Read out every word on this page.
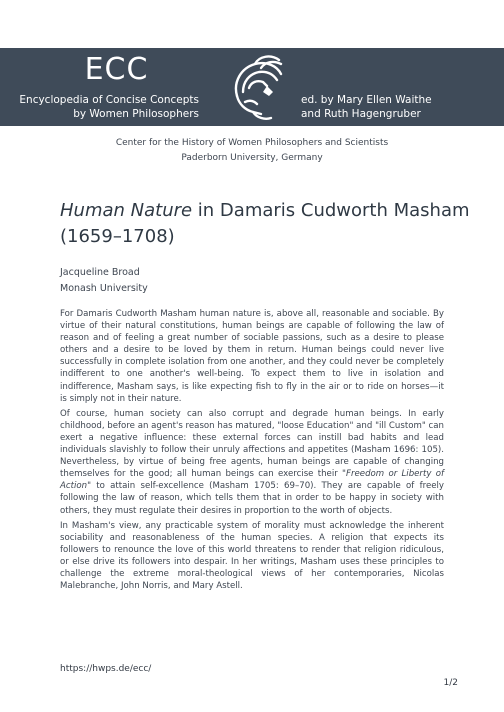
ECC
Encyclopedia of Concise Concepts
by Women Philosophers
ed. by Mary Ellen Waithe
and Ruth Hagengruber
Center for the History of Women Philosophers and Scientists
Paderborn University, Germany
Human Nature in Damaris Cudworth Masham (1659–1708)
Jacqueline Broad
Monash University

For Damaris Cudworth Masham human nature is, above all, reasonable and sociable. By virtue of their natural constitutions, human beings are capable of following the law of reason and of feeling a great number of sociable passions, such as a desire to please others and a desire to be loved by them in return. Human beings could never live successfully in complete isolation from one another, and they could never be completely indifferent to one another's well-being. To expect them to live in isolation and indifference, Masham says, is like expecting fish to fly in the air or to ride on horses—it is simply not in their nature.

Of course, human society can also corrupt and degrade human beings. In early childhood, before an agent's reason has matured, "loose Education" and "ill Custom" can exert a negative influence: these external forces can instill bad habits and lead individuals slavishly to follow their unruly affections and appetites (Masham 1696: 105). Nevertheless, by virtue of being free agents, human beings are capable of changing themselves for the good; all human beings can exercise their "Freedom or Liberty of Action" to attain self-excellence (Masham 1705: 69–70). They are capable of freely following the law of reason, which tells them that in order to be happy in society with others, they must regulate their desires in proportion to the worth of objects.

In Masham's view, any practicable system of morality must acknowledge the inherent sociability and reasonableness of the human species. A religion that expects its followers to renounce the love of this world threatens to render that religion ridiculous, or else drive its followers into despair. In her writings, Masham uses these principles to challenge the extreme moral-theological views of her contemporaries, Nicolas Malebranche, John Norris, and Mary Astell.

https://hwps.de/ecc/
1/2
